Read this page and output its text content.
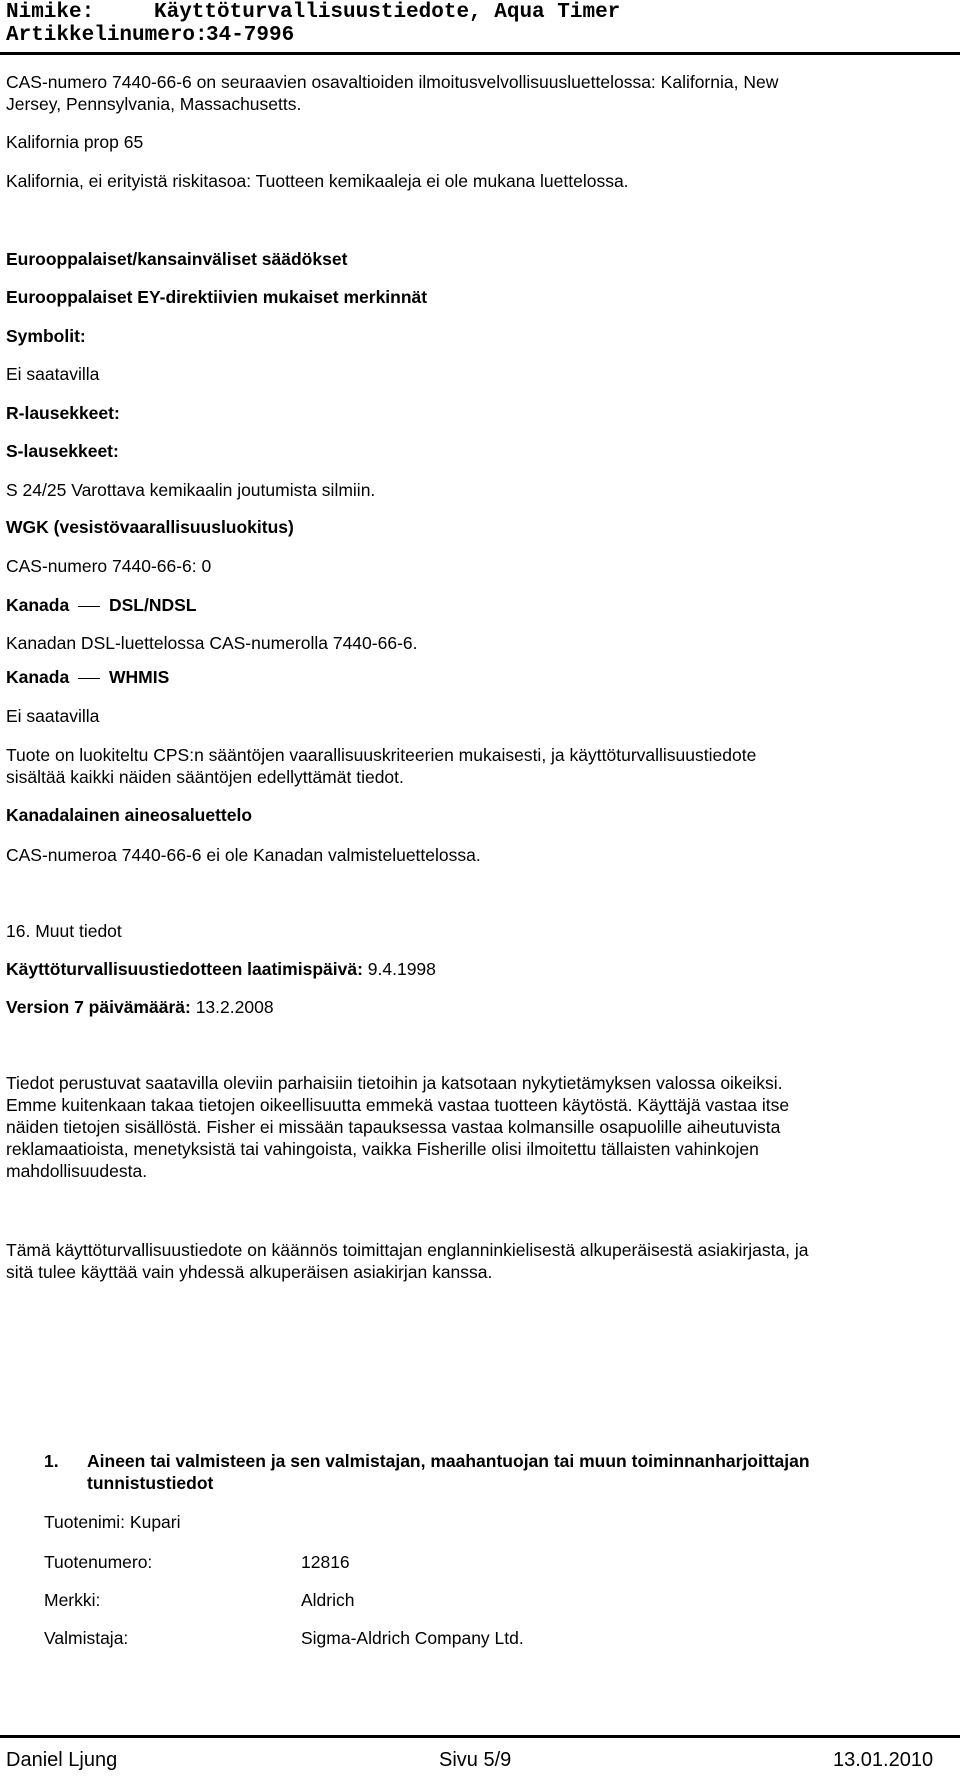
Nimike:	Käyttöturvallisuustiedote, Aqua Timer
Artikkelinumero:
34-7996
CAS-numero 7440-66-6 on seuraavien osavaltioiden ilmoitusvelvollisuusluettelossa: Kalifornia, New
Jersey, Pennsylvania, Massachusetts.
Kalifornia prop 65
Kalifornia, ei erityistä riskitasoa: Tuotteen kemikaaleja ei ole mukana luettelossa.
Eurooppalaiset/kansainväliset säädökset
Eurooppalaiset EY-direktiivien mukaiset merkinnät
Symbolit:
Ei saatavilla
R-lausekkeet:
S-lausekkeet:
S 24/25 Varottava kemikaalin joutumista silmiin.
WGK (vesistövaarallisuusluokitus)
CAS-numero 7440-66-6: 0
Kanada DSL/NDSL
Kanadan DSL-luettelossa CAS-numerolla 7440-66-6.
Kanada WHMIS
Ei saatavilla
Tuote on luokiteltu CPS:n sääntöjen vaarallisuuskriteerien mukaisesti, ja käyttöturvallisuustiedote
sisältää kaikki näiden sääntöjen edellyttämät tiedot.
Kanadalainen aineosaluettelo
CAS-numeroa 7440-66-6 ei ole Kanadan valmisteluettelossa.
16. Muut tiedot
Käyttöturvallisuustiedotteen laatimispäivä: 9.4.1998
Version 7 päivämäärä: 13.2.2008
Tiedot perustuvat saatavilla oleviin parhaisiin tietoihin ja katsotaan nykytietämyksen valossa oikeiksi.
Emme kuitenkaan takaa tietojen oikeellisuutta emmekä vastaa tuotteen käytöstä. Käyttäjä vastaa itse
näiden tietojen sisällöstä. Fisher ei missään tapauksessa vastaa kolmansille osapuolille aiheutuvista
reklamaatioista, menetyksistä tai vahingoista, vaikka Fisherille olisi ilmoitettu tällaisten vahinkojen
mahdollisuudesta.
Tämä käyttöturvallisuustiedote on käännös toimittajan englanninkielisestä alkuperäisestä asiakirjasta, ja
sitä tulee käyttää vain yhdessä alkuperäisen asiakirjan kanssa.
1. Aineen tai valmisteen ja sen valmistajan, maahantuojan tai muun toiminnanharjoittajan
tunnistustiedot
Tuotenimi: Kupari
Tuotenumero:	12816
Merkki:	Aldrich
Valmistaja:	Sigma-Aldrich Company Ltd.
Daniel Ljung	Sivu 5/9	13.01.2010
